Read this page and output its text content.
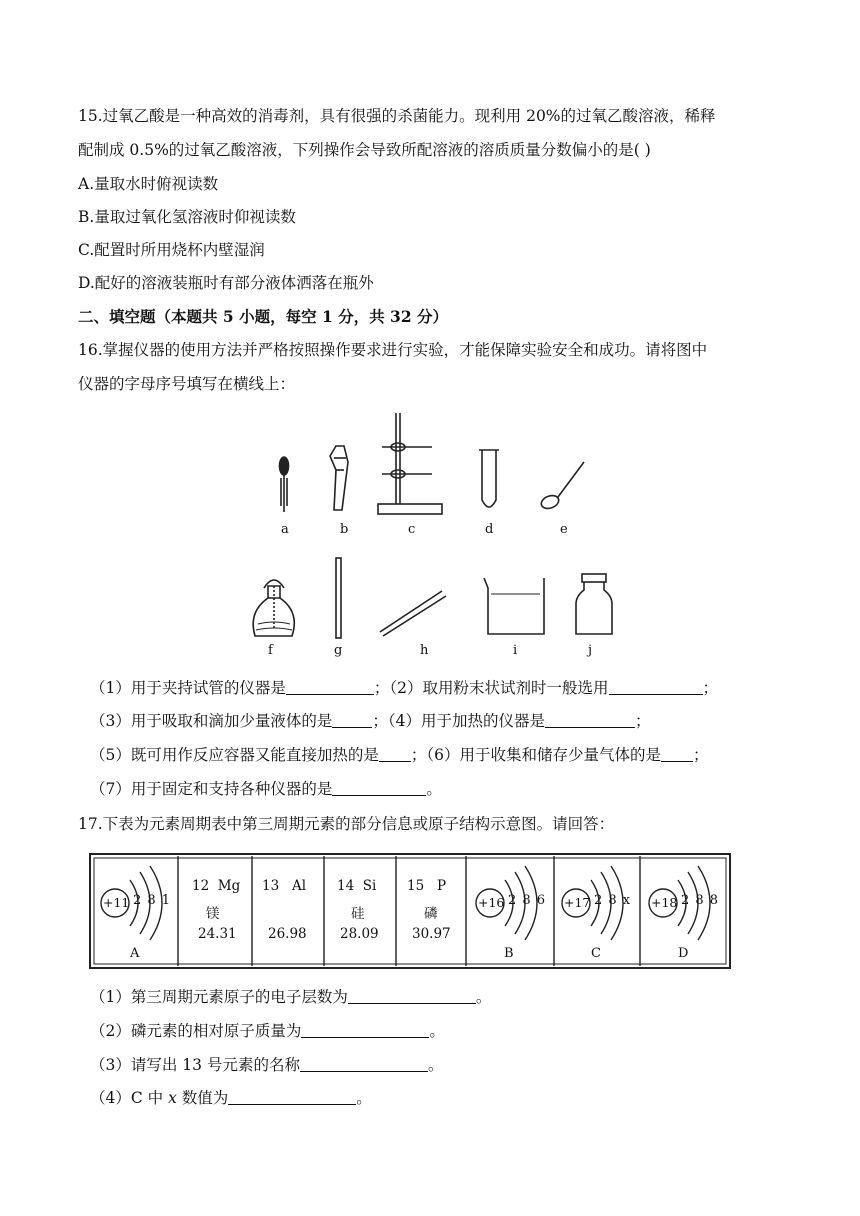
15.过氧乙酸是一种高效的消毒剂，具有很强的杀菌能力。现利用 20%的过氧乙酸溶液，稀释
配制成 0.5%的过氧乙酸溶液，下列操作会导致所配溶液的溶质质量分数偏小的是( )
A.量取水时俯视读数
B.量取过氧化氢溶液时仰视读数
C.配置时所用烧杯内壁湿润
D.配好的溶液装瓶时有部分液体洒落在瓶外
二、填空题（本题共 5 小题，每空 1 分，共 32 分）
16.掌握仪器的使用方法并严格按照操作要求进行实验，才能保障实验安全和成功。请将图中
仪器的字母序号填写在横线上：
a	b	c	d	e
f	g	h	i	j
（1）用于夹持试管的仪器是	；（2）取用粉末状试剂时一般选用	；
（3）用于吸取和滴加少量液体的是	；（4）用于加热的仪器是	；
（5）既可用作反应容器又能直接加热的是 ；（6）用于收集和储存少量气体的是 ；
（7）用于固定和支持各种仪器的是	。
17.下表为元素周期表中第三周期元素的部分信息或原子结构示意图。请回答：
+11 2 8 1
A
12  Mg
镁
24.31
13   Al
26.98
14  Si
硅
28.09
15   P
磷
30.97
+16 2 8 6
B
+17 2 8 x
C
+18 2 8 8
D
（1）第三周期元素原子的电子层数为	。
（2）磷元素的相对原子质量为	。
（3）请写出 13 号元素的名称	。
（4）C 中 x 数值为	。
